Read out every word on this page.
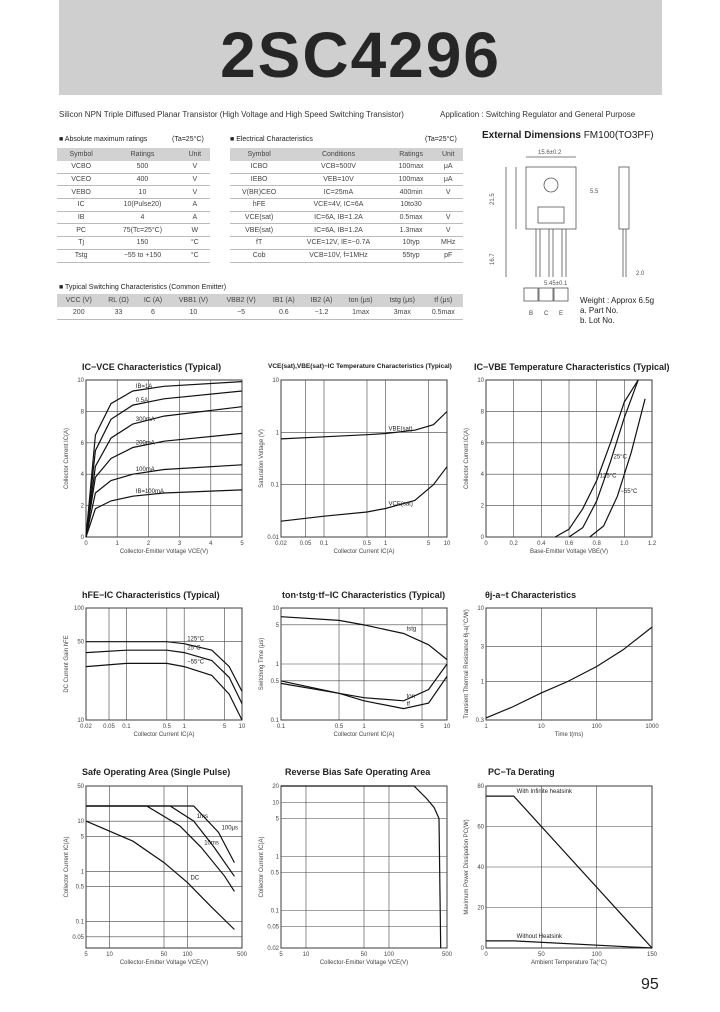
2SC4296
Silicon NPN Triple Diffused Planar Transistor (High Voltage and High Speed Switching Transistor)	Application : Switching Regulator and General Purpose
■ Absolute maximum ratings	(Ta=25°C)
Symbol	Ratings	Unit
VCBO	500	V
VCEO	400	V
VEBO	10	V
IC	10(Pulse20)	A
IB	4	A
PC	75(Tc=25°C)	W
Tj	150	°C
Tstg	−55 to +150	°C
■ Electrical Characteristics	(Ta=25°C)
Symbol	Conditions	Ratings	Unit
ICBO	VCB=500V	100max	μA
IEBO	VEB=10V	100max	μA
V(BR)CEO	IC=25mA	400min	V
hFE	VCE=4V, IC=6A	10to30	
VCE(sat)	IC=6A, IB=1.2A	0.5max	V
VBE(sat)	IC=6A, IB=1.2A	1.3max	V
fT	VCE=12V, IE=−0.7A	10typ	MHz
Cob	VCB=10V, f=1MHz	55typ	pF
■ Typical Switching Characteristics (Common Emitter)
VCC (V)	RL (Ω)	IC (A)	VBB1 (V)	VBB2 (V)	IB1 (A)	IB2 (A)	ton (μs)	tstg (μs)	tf (μs)
200	33	6	10	−5	0.6	−1.2	1max	3max	0.5max
External Dimensions FM100(TO3PF)
15.6±0.2
21.5
16.7
5.5
2.0
5.45±0.1
B C E
Weight : Approx 6.5g
a. Part No.
b. Lot No.
IC−VCE Characteristics (Typical)	VCE(sat),VBE(sat)−IC Temperature Characteristics (Typical) IC−VBE Temperature Characteristics (Typical)
hFE−IC Characteristics (Typical)	ton·tstg·tf−IC Characteristics (Typical)	θj-a−t Characteristics
Safe Operating Area (Single Pulse)	Reverse Bias Safe Operating Area	PC−Ta Derating
0	1	2	3	4	5
0
2
4
6
8
10
Collector-Emitter Voltage VCE(V)
Collector Current IC(A)
IB=1A
0.5A
300mA
200mA
100mA
IB=100mA
0.02 0.05 0.1	0.5 1	5 10
0.01
0.1
1
10
Collector Current IC(A)
Saturation Voltage (V)	VBE(sat)
VCE(sat)
0	0.2	0.4	0.6	0.8	1.0	1.2
0
2
4
6
8
10
Base-Emitter Voltage VBE(V)
Collector Current IC(A)	125°C
25°C
−55°C
0.02 0.05 0.1	0.5 1	5 10
10
50
100
Collector Current IC(A)
DC Current Gain hFE	125°C
25°C
−55°C
0.1	0.5	1	5	10
0.1
0.5
1
5
10
Collector Current IC(A)
Switching Time (μs)
tstg
ton
tf
1	10	100	1000
0.3
1
3
10
Time t(ms)
Transient Thermal Resistance θj-a(°C/W)
5	10	50	100	500
0.05
0.1
0.5
1
5
10
50
Collector-Emitter Voltage VCE(V)
Collector Current IC(A)	DC
10ms
1ms
100μs
5	10	50	100	500
0.02
0.05
0.1
0.5
1
5
10
20
Collector-Emitter Voltage VCE(V)
Collector Current IC(A)
0	50	100	150
0
20
40
60
80
Ambient Temperature Ta(°C)
Maximum Power Dissipation PC(W)
With Infinite heatsink
Without Heatsink
95
